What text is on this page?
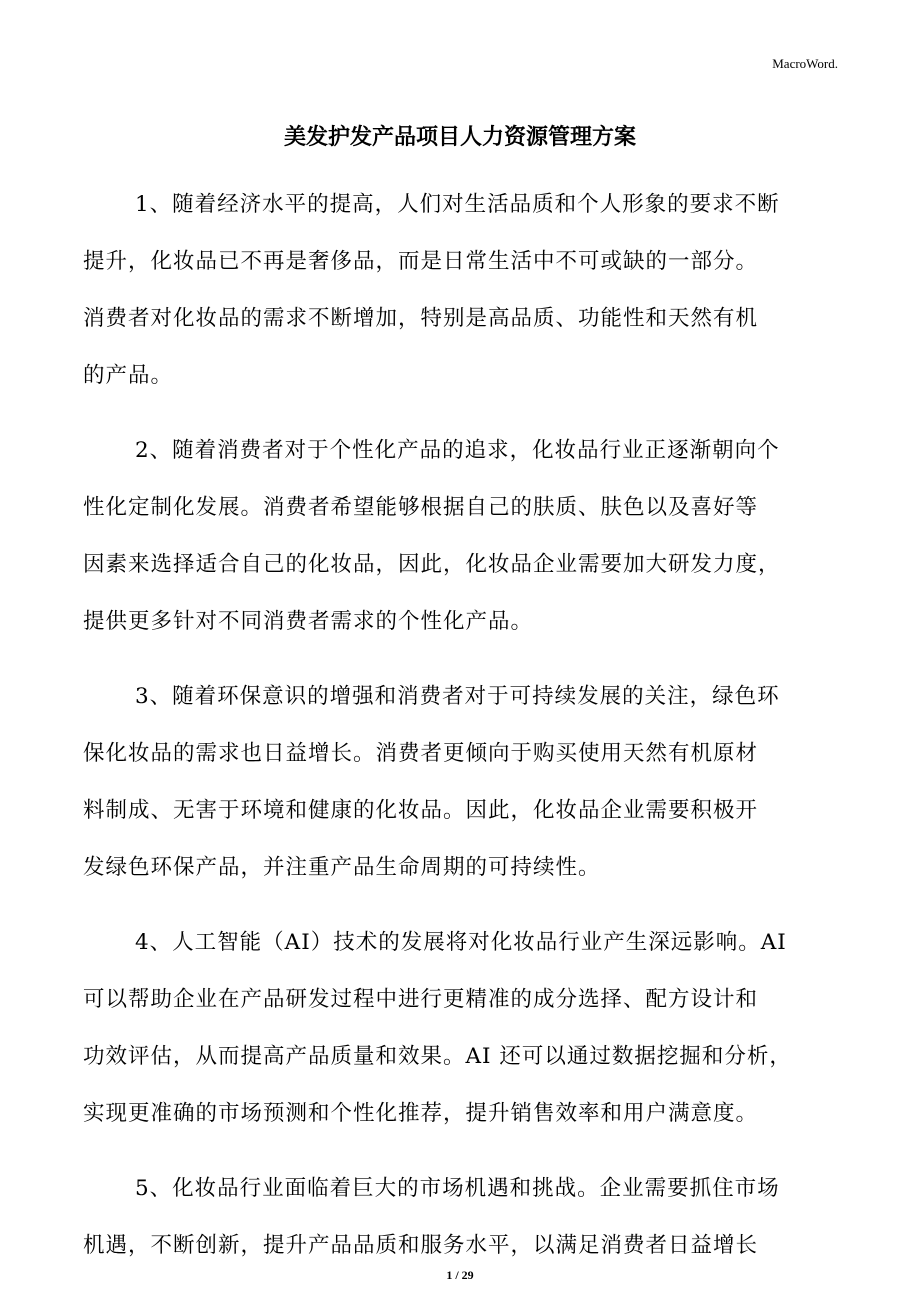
MacroWord.
美发护发产品项目人力资源管理方案
1、随着经济水平的提高，人们对生活品质和个人形象的要求不断
提升，化妆品已不再是奢侈品，而是日常生活中不可或缺的一部分。
消费者对化妆品的需求不断增加，特别是高品质、功能性和天然有机
的产品。
2、随着消费者对于个性化产品的追求，化妆品行业正逐渐朝向个
性化定制化发展。消费者希望能够根据自己的肤质、肤色以及喜好等
因素来选择适合自己的化妆品，因此，化妆品企业需要加大研发力度，
提供更多针对不同消费者需求的个性化产品。
3、随着环保意识的增强和消费者对于可持续发展的关注，绿色环
保化妆品的需求也日益增长。消费者更倾向于购买使用天然有机原材
料制成、无害于环境和健康的化妆品。因此，化妆品企业需要积极开
发绿色环保产品，并注重产品生命周期的可持续性。
4、人工智能（AI）技术的发展将对化妆品行业产生深远影响。AI
可以帮助企业在产品研发过程中进行更精准的成分选择、配方设计和
功效评估，从而提高产品质量和效果。AI 还可以通过数据挖掘和分析，
实现更准确的市场预测和个性化推荐，提升销售效率和用户满意度。
5、化妆品行业面临着巨大的市场机遇和挑战。企业需要抓住市场
机遇，不断创新，提升产品品质和服务水平，以满足消费者日益增长
1 / 29
